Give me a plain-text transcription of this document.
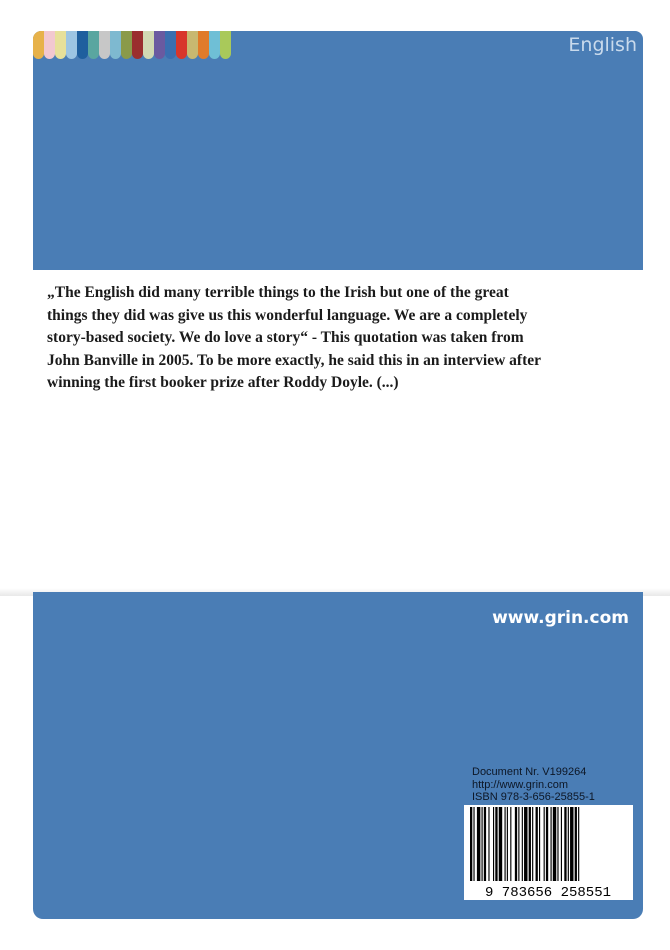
English

„The English did many terrible things to the Irish but one of the great things they did was give us this wonderful language. We are a completely story-based society. We do love a story“ - This quotation was taken from John Banville in 2005. To be more exactly, he said this in an interview after winning the first booker prize after Roddy Doyle. (...)

www.grin.com
Document Nr. V199264
http://www.grin.com
ISBN 978-3-656-25855-1
9 783656 258551
